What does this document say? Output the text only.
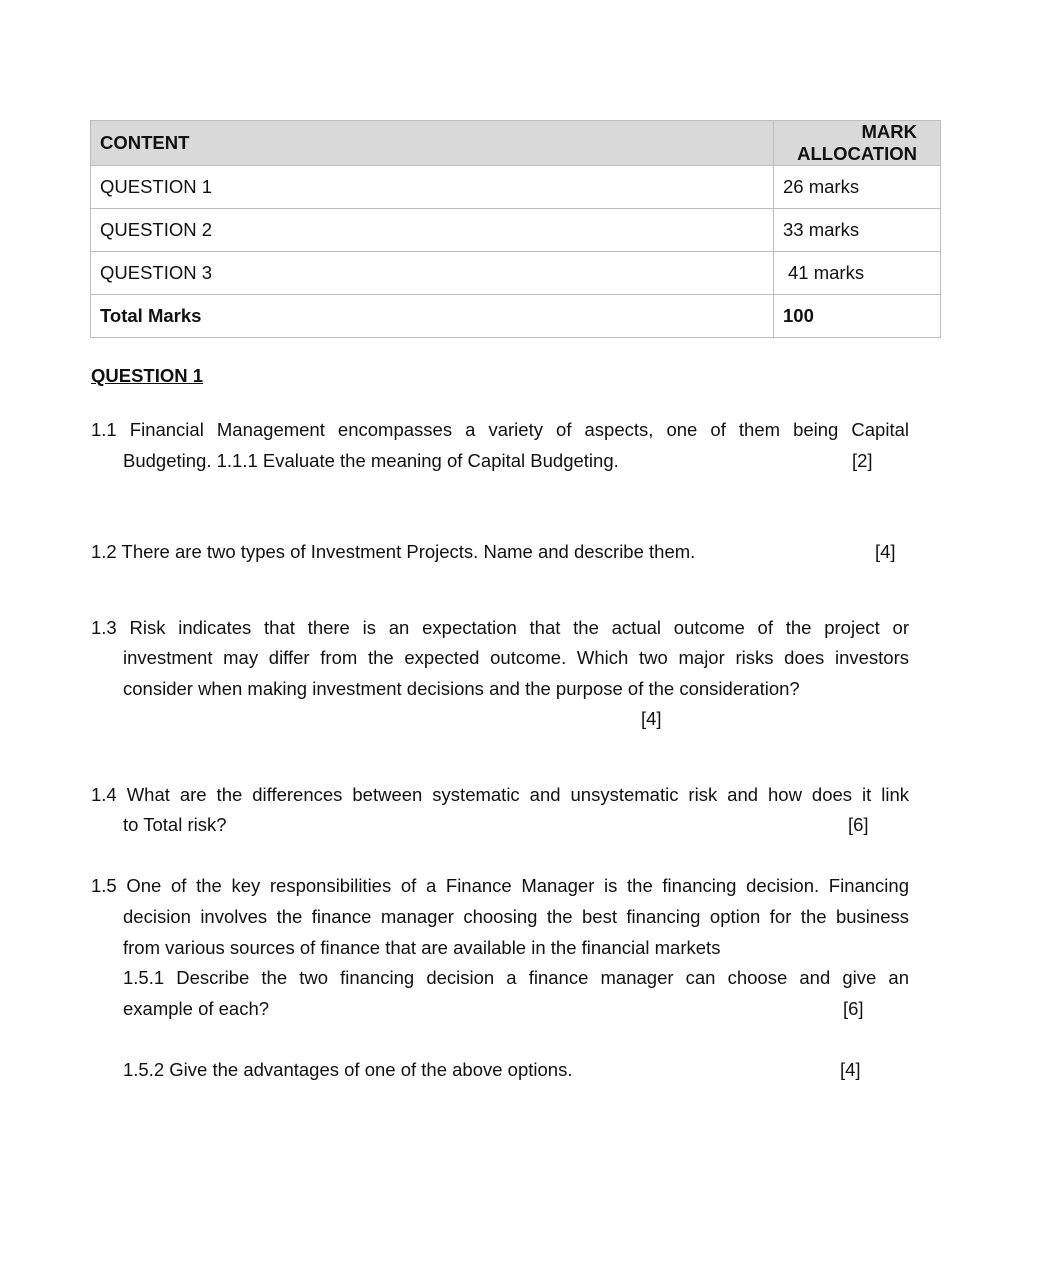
CONTENT	MARK ALLOCATION
QUESTION 1	26 marks
QUESTION 2	33 marks
QUESTION 3	41 marks
Total Marks	100
QUESTION 1
1.1 Financial Management encompasses a variety of aspects, one of them being Capital
Budgeting. 1.1.1 Evaluate the meaning of Capital Budgeting.	[2]
1.2 There are two types of Investment Projects. Name and describe them.	[4]
1.3 Risk indicates that there is an expectation that the actual outcome of the project or
investment may differ from the expected outcome. Which two major risks does investors
consider when making investment decisions and the purpose of the consideration?
[4]
1.4 What are the differences between systematic and unsystematic risk and how does it link
to Total risk?	[6]
1.5 One of the key responsibilities of a Finance Manager is the financing decision. Financing
decision involves the finance manager choosing the best financing option for the business
from various sources of finance that are available in the financial markets
1.5.1 Describe the two financing decision a finance manager can choose and give an
example of each?	[6]
1.5.2 Give the advantages of one of the above options.	[4]
